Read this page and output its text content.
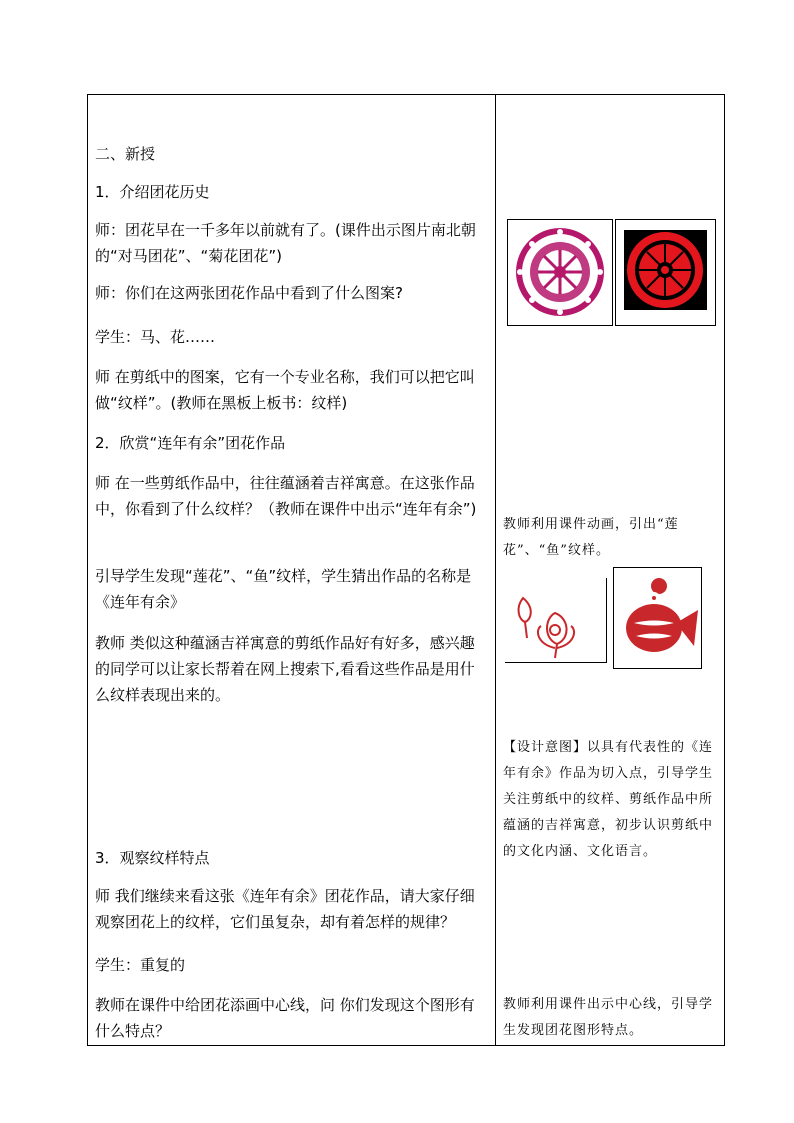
二、新授

1．介绍团花历史

师：团花早在一千多年以前就有了。(课件出示图片南北朝的“对马团花”、“菊花团花”)

师：你们在这两张团花作品中看到了什么图案?

学生：马、花……

师 在剪纸中的图案，它有一个专业名称，我们可以把它叫做“纹样”。(教师在黑板上板书：纹样)

2．欣赏“连年有余”团花作品

师 在一些剪纸作品中，往往蕴涵着吉祥寓意。在这张作品中，你看到了什么纹样？（教师在课件中出示“连年有余”)

引导学生发现“莲花”、“鱼”纹样，学生猜出作品的名称是《连年有余》

教师 类似这种蕴涵吉祥寓意的剪纸作品好有好多，感兴趣的同学可以让家长帮着在网上搜索下,看看这些作品是用什么纹样表现出来的。

3．观察纹样特点

师 我们继续来看这张《连年有余》团花作品，请大家仔细观察团花上的纹样，它们虽复杂，却有着怎样的规律？

学生：重复的

教师在课件中给团花添画中心线，问 你们发现这个图形有什么特点？

教师利用课件动画，引出“莲花”、“鱼”纹样。

【设计意图】以具有代表性的《连年有余》作品为切入点，引导学生关注剪纸中的纹样、剪纸作品中所蕴涵的吉祥寓意，初步认识剪纸中的文化内涵、文化语言。

教师利用课件出示中心线，引导学生发现团花图形特点。
